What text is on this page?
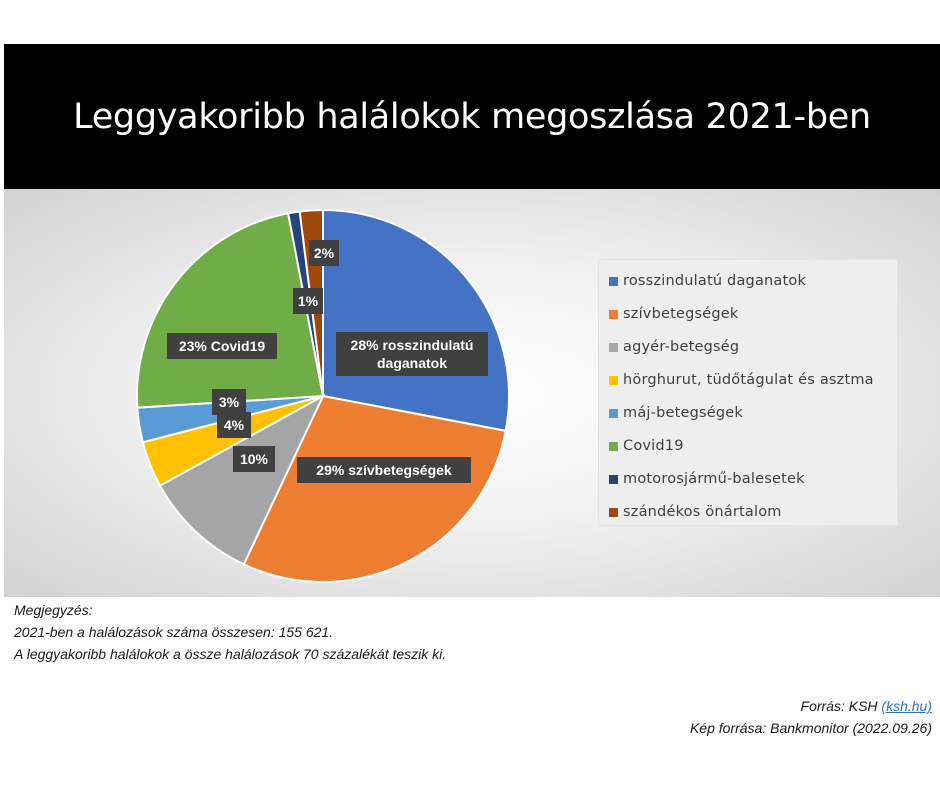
Leggyakoribb halálokok megoszlása 2021-ben
28% rosszindulatú
daganatok
29% szívbetegségek
10%
4%
3%
23% Covid19
1%
2%
rosszindulatú daganatok
szívbetegségek
agyér-betegség
hörghurut, tüdőtágulat és asztma
máj-betegségek
Covid19
motorosjármű-balesetek
szándékos önártalom
Megjegyzés:
2021-ben a halálozások száma összesen: 155 621.
A leggyakoribb halálokok a össze halálozások 70 százalékát teszik ki.
Forrás: KSH (ksh.hu)
Kép forrása: Bankmonitor (2022.09.26)
